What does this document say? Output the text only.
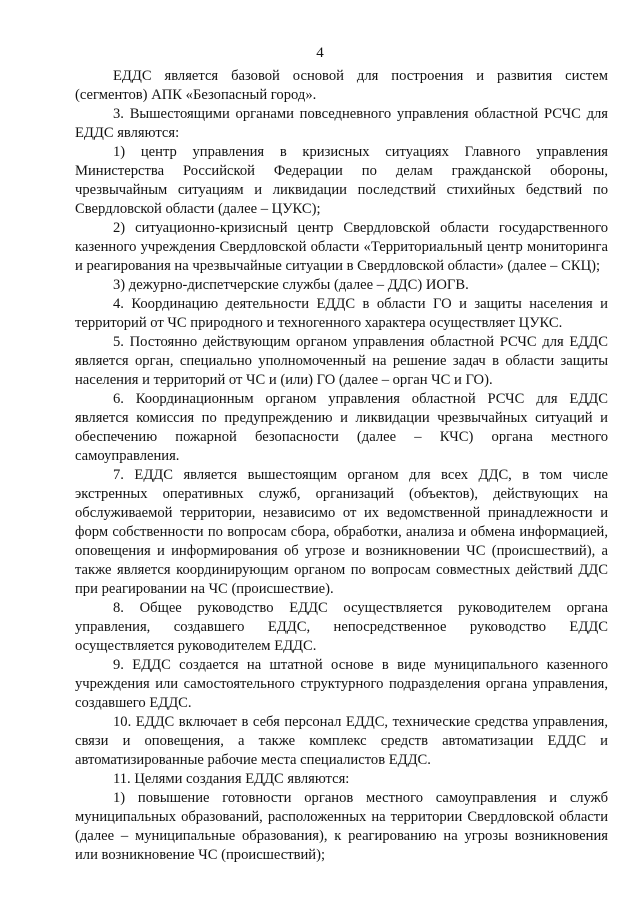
4

ЕДДС является базовой основой для построения и развития систем (сегментов) АПК «Безопасный город».

3. Вышестоящими органами повседневного управления областной РСЧС для ЕДДС являются:

1) центр управления в кризисных ситуациях Главного управления Министерства Российской Федерации по делам гражданской обороны, чрезвычайным ситуациям и ликвидации последствий стихийных бедствий по Свердловской области (далее – ЦУКС);

2) ситуационно-кризисный центр Свердловской области государственного казенного учреждения Свердловской области «Территориальный центр мониторинга и реагирования на чрезвычайные ситуации в Свердловской области» (далее – СКЦ);

3) дежурно-диспетчерские службы (далее – ДДС) ИОГВ.

4. Координацию деятельности ЕДДС в области ГО и защиты населения и территорий от ЧС природного и техногенного характера осуществляет ЦУКС.

5. Постоянно действующим органом управления областной РСЧС для ЕДДС является орган, специально уполномоченный на решение задач в области защиты населения и территорий от ЧС и (или) ГО (далее – орган ЧС и ГО).

6. Координационным органом управления областной РСЧС для ЕДДС является комиссия по предупреждению и ликвидации чрезвычайных ситуаций и обеспечению пожарной безопасности (далее – КЧС) органа местного самоуправления.

7. ЕДДС является вышестоящим органом для всех ДДС, в том числе экстренных оперативных служб, организаций (объектов), действующих на обслуживаемой территории, независимо от их ведомственной принадлежности и форм собственности по вопросам сбора, обработки, анализа и обмена информацией, оповещения и информирования об угрозе и возникновении ЧС (происшествий), а также является координирующим органом по вопросам совместных действий ДДС при реагировании на ЧС (происшествие).

8. Общее руководство ЕДДС осуществляется руководителем органа управления, создавшего ЕДДС, непосредственное руководство ЕДДС осуществляется руководителем ЕДДС.

9. ЕДДС создается на штатной основе в виде муниципального казенного учреждения или самостоятельного структурного подразделения органа управления, создавшего ЕДДС.

10. ЕДДС включает в себя персонал ЕДДС, технические средства управления, связи и оповещения, а также комплекс средств автоматизации ЕДДС и автоматизированные рабочие места специалистов ЕДДС.

11. Целями создания ЕДДС являются:

1) повышение готовности органов местного самоуправления и служб муниципальных образований, расположенных на территории Свердловской области (далее – муниципальные образования), к реагированию на угрозы возникновения или возникновение ЧС (происшествий);
